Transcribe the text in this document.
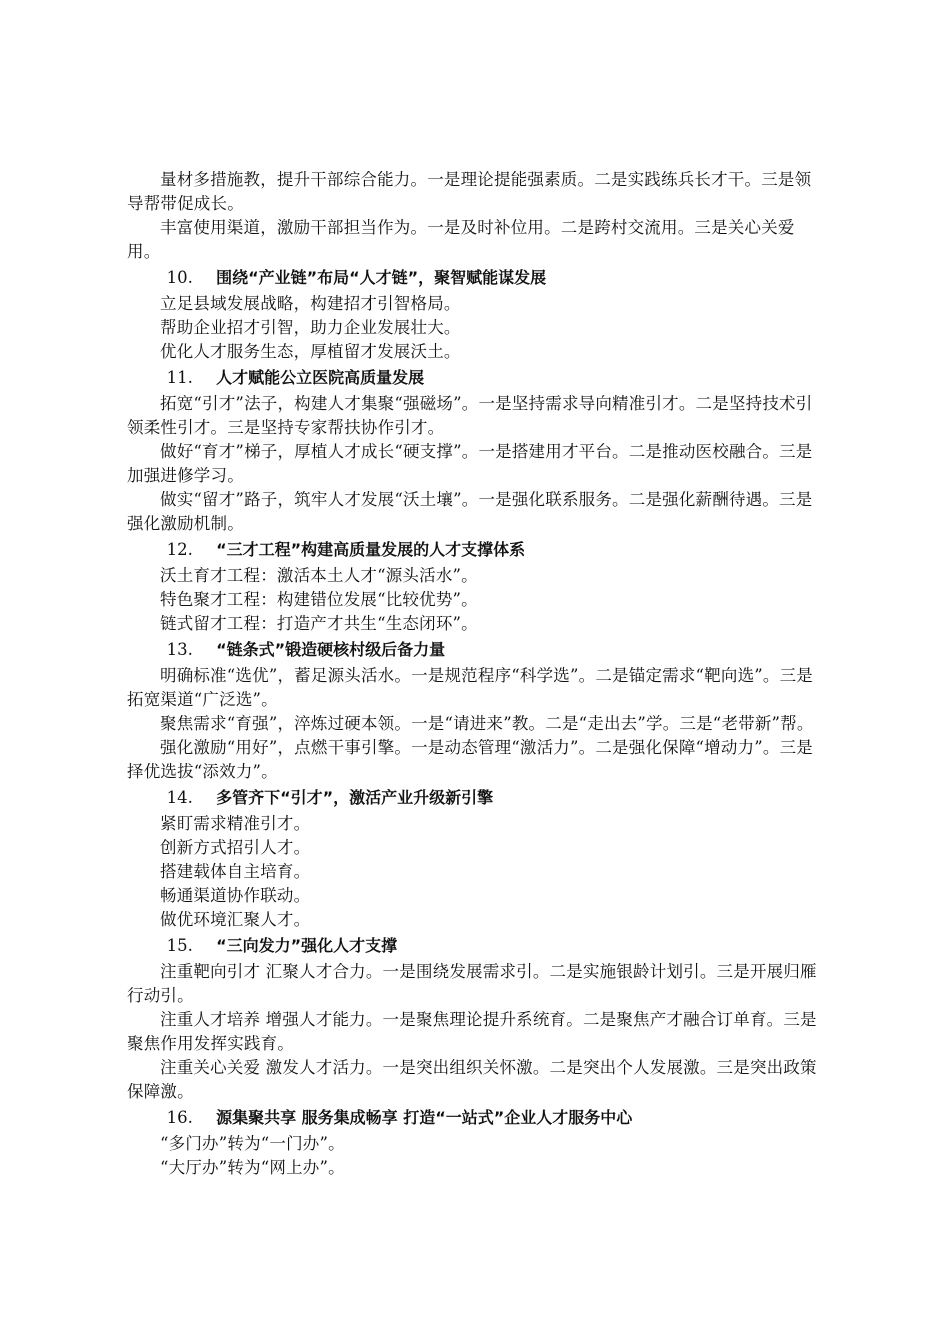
量材多措施教，提升干部综合能力。一是理论提能强素质。二是实践练兵长才干。三是领导帮带促成长。

丰富使用渠道，激励干部担当作为。一是及时补位用。二是跨村交流用。三是关心关爱用。

10. 围绕“产业链”布局“人才链”，聚智赋能谋发展

立足县域发展战略，构建招才引智格局。

帮助企业招才引智，助力企业发展壮大。

优化人才服务生态，厚植留才发展沃土。

11. 人才赋能公立医院高质量发展

拓宽“引才”法子，构建人才集聚“强磁场”。一是坚持需求导向精准引才。二是坚持技术引领柔性引才。三是坚持专家帮扶协作引才。

做好“育才”梯子，厚植人才成长“硬支撑”。一是搭建用才平台。二是推动医校融合。三是加强进修学习。

做实“留才”路子，筑牢人才发展“沃土壤”。一是强化联系服务。二是强化薪酬待遇。三是强化激励机制。

12. “三才工程”构建高质量发展的人才支撑体系

沃土育才工程：激活本土人才“源头活水”。

特色聚才工程：构建错位发展“比较优势”。

链式留才工程：打造产才共生“生态闭环”。

13. “链条式”锻造硬核村级后备力量

明确标准“选优”，蓄足源头活水。一是规范程序“科学选”。二是锚定需求“靶向选”。三是拓宽渠道“广泛选”。

聚焦需求“育强”，淬炼过硬本领。一是“请进来”教。二是“走出去”学。三是“老带新”帮。

强化激励“用好”，点燃干事引擎。一是动态管理“激活力”。二是强化保障“增动力”。三是择优选拔“添效力”。

14. 多管齐下“引才”，激活产业升级新引擎

紧盯需求精准引才。

创新方式招引人才。

搭建载体自主培育。

畅通渠道协作联动。

做优环境汇聚人才。

15. “三向发力”强化人才支撑

注重靶向引才 汇聚人才合力。一是围绕发展需求引。二是实施银龄计划引。三是开展归雁行动引。

注重人才培养 增强人才能力。一是聚焦理论提升系统育。二是聚焦产才融合订单育。三是聚焦作用发挥实践育。

注重关心关爱 激发人才活力。一是突出组织关怀激。二是突出个人发展激。三是突出政策保障激。

16. 源集聚共享 服务集成畅享 打造“一站式”企业人才服务中心

“多门办”转为“一门办”。

“大厅办”转为“网上办”。
